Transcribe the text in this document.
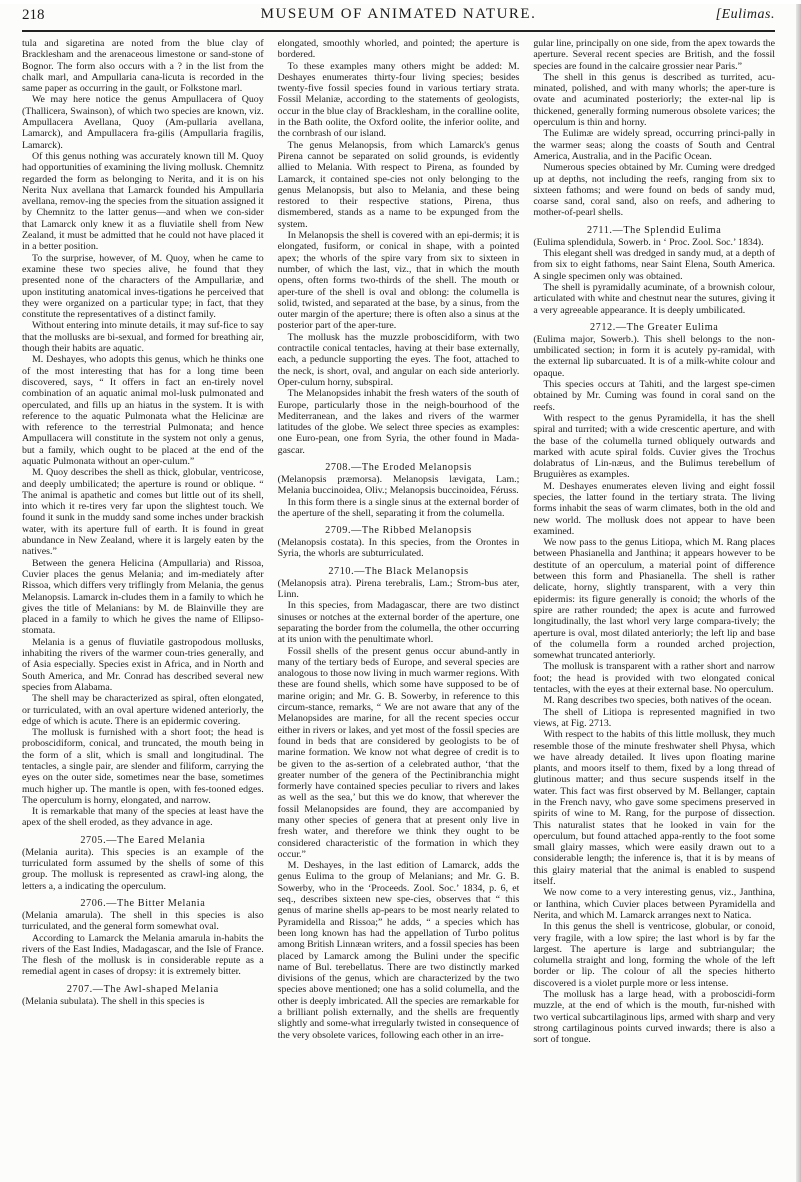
218	MUSEUM OF ANIMATED NATURE.	[Eulimas.

tula and sigaretina are noted from the blue clay of Bracklesham and the arenaceous limestone or sand-stone of Bognor. The form also occurs with a ? in the list from the chalk marl, and Ampullaria cana-licuta is recorded in the same paper as occurring in the gault, or Folkstone marl.

We may here notice the genus Ampullacera of Quoy (Thallicera, Swainson), of which two species are known, viz. Ampullacera Avellana, Quoy (Am-pullaria avellana, Lamarck), and Ampullacera fra-gilis (Ampullaria fragilis, Lamarck).

Of this genus nothing was accurately known till M. Quoy had opportunities of examining the living mollusk. Chemnitz regarded the form as belonging to Nerita, and it is on his Nerita Nux avellana that Lamarck founded his Ampullaria avellana, remov-ing the species from the situation assigned it by Chemnitz to the latter genus—and when we con-sider that Lamarck only knew it as a fluviatile shell from New Zealand, it must be admitted that he could not have placed it in a better position.

To the surprise, however, of M. Quoy, when he came to examine these two species alive, he found that they presented none of the characters of the Ampullariæ, and upon instituting anatomical inves-tigations he perceived that they were organized on a particular type; in fact, that they constitute the representatives of a distinct family.

Without entering into minute details, it may suf-fice to say that the mollusks are bi-sexual, and formed for breathing air, though their habits are aquatic.

M. Deshayes, who adopts this genus, which he thinks one of the most interesting that has for a long time been discovered, says, “ It offers in fact an en-tirely novel combination of an aquatic animal mol-lusk pulmonated and operculated, and fills up an hiatus in the system. It is with reference to the aquatic Pulmonata what the Helicinæ are with reference to the terrestrial Pulmonata; and hence Ampullacera will constitute in the system not only a genus, but a family, which ought to be placed at the end of the aquatic Pulmonata without an oper-culum.”

M. Quoy describes the shell as thick, globular, ventricose, and deeply umbilicated; the aperture is round or oblique. “ The animal is apathetic and comes but little out of its shell, into which it re-tires very far upon the slightest touch. We found it sunk in the muddy sand some inches under brackish water, with its aperture full of earth. It is found in great abundance in New Zealand, where it is largely eaten by the natives.”

Between the genera Helicina (Ampullaria) and Rissoa, Cuvier places the genus Melania; and im-mediately after Rissoa, which differs very triflingly from Melania, the genus Melanopsis. Lamarck in-cludes them in a family to which he gives the title of Melanians: by M. de Blainville they are placed in a family to which he gives the name of Ellipso-stomata.

Melania is a genus of fluviatile gastropodous mollusks, inhabiting the rivers of the warmer coun-tries generally, and of Asia especially. Species exist in Africa, and in North and South America, and Mr. Conrad has described several new species from Alabama.

The shell may be characterized as spiral, often elongated, or turriculated, with an oval aperture widened anteriorly, the edge of which is acute. There is an epidermic covering.

The mollusk is furnished with a short foot; the head is proboscidiform, conical, and truncated, the mouth being in the form of a slit, which is small and longitudinal. The tentacles, a single pair, are slender and filiform, carrying the eyes on the outer side, sometimes near the base, sometimes much higher up. The mantle is open, with fes-tooned edges. The operculum is horny, elongated, and narrow.

It is remarkable that many of the species at least have the apex of the shell eroded, as they advance in age.

2705.—The Eared Melania

(Melania aurita). This species is an example of the turriculated form assumed by the shells of some of this group. The mollusk is represented as crawl-ing along, the letters a, a indicating the operculum.

2706.—The Bitter Melania

(Melania amarula). The shell in this species is also turriculated, and the general form somewhat oval.

According to Lamarck the Melania amarula in-habits the rivers of the East Indies, Madagascar, and the Isle of France. The flesh of the mollusk is in considerable repute as a remedial agent in cases of dropsy: it is extremely bitter.

2707.—The Awl-shaped Melania

(Melania subulata). The shell in this species is

elongated, smoothly whorled, and pointed; the aperture is bordered.

To these examples many others might be added: M. Deshayes enumerates thirty-four living species; besides twenty-five fossil species found in various tertiary strata. Fossil Melaniæ, according to the statements of geologists, occur in the blue clay of Bracklesham, in the coralline oolite, in the Bath oolite, the Oxford oolite, the inferior oolite, and the cornbrash of our island.

The genus Melanopsis, from which Lamarck's genus Pirena cannot be separated on solid grounds, is evidently allied to Melania. With respect to Pirena, as founded by Lamarck, it contained spe-cies not only belonging to the genus Melanopsis, but also to Melania, and these being restored to their respective stations, Pirena, thus dismembered, stands as a name to be expunged from the system.

In Melanopsis the shell is covered with an epi-dermis; it is elongated, fusiform, or conical in shape, with a pointed apex; the whorls of the spire vary from six to sixteen in number, of which the last, viz., that in which the mouth opens, often forms two-thirds of the shell. The mouth or aper-ture of the shell is oval and oblong: the columella is solid, twisted, and separated at the base, by a sinus, from the outer margin of the aperture; there is often also a sinus at the posterior part of the aper-ture.

The mollusk has the muzzle proboscidiform, with two contractile conical tentacles, having at their base externally, each, a peduncle supporting the eyes. The foot, attached to the neck, is short, oval, and angular on each side anteriorly. Oper-culum horny, subspiral.

The Melanopsides inhabit the fresh waters of the south of Europe, particularly those in the neigh-bourhood of the Mediterranean, and the lakes and rivers of the warmer latitudes of the globe. We select three species as examples: one Euro-pean, one from Syria, the other found in Mada-gascar.

2708.—The Eroded Melanopsis

(Melanopsis præmorsa). Melanopsis lævigata, Lam.; Melania buccinoidea, Oliv.; Melanopsis buccinoidea, Féruss.

In this form there is a single sinus at the external border of the aperture of the shell, separating it from the columella.

2709.—The Ribbed Melanopsis

(Melanopsis costata). In this species, from the Orontes in Syria, the whorls are subturriculated.

2710.—The Black Melanopsis

(Melanopsis atra). Pirena terebralis, Lam.; Strom-bus ater, Linn.

In this species, from Madagascar, there are two distinct sinuses or notches at the external border of the aperture, one separating the border from the columella, the other occurring at its union with the penultimate whorl.

Fossil shells of the present genus occur abund-antly in many of the tertiary beds of Europe, and several species are analogous to those now living in much warmer regions. With these are found shells, which some have supposed to be of marine origin; and Mr. G. B. Sowerby, in reference to this circum-stance, remarks, “ We are not aware that any of the Melanopsides are marine, for all the recent species occur either in rivers or lakes, and yet most of the fossil species are found in beds that are considered by geologists to be of marine formation. We know not what degree of credit is to be given to the as-sertion of a celebrated author, ‘that the greater number of the genera of the Pectinibranchia might formerly have contained species peculiar to rivers and lakes as well as the sea,’ but this we do know, that wherever the fossil Melanopsides are found, they are accompanied by many other species of genera that at present only live in fresh water, and therefore we think they ought to be considered characteristic of the formation in which they occur.”

M. Deshayes, in the last edition of Lamarck, adds the genus Eulima to the group of Melanians; and Mr. G. B. Sowerby, who in the ‘Proceeds. Zool. Soc.’ 1834, p. 6, et seq., describes sixteen new spe-cies, observes that “ this genus of marine shells ap-pears to be most nearly related to Pyramidella and Rissoa;” he adds, “ a species which has been long known has had the appellation of Turbo politus among British Linnæan writers, and a fossil species has been placed by Lamarck among the Bulini under the specific name of Bul. terebellatus. There are two distinctly marked divisions of the genus, which are characterized by the two species above mentioned; one has a solid columella, and the other is deeply imbricated. All the species are remarkable for a brilliant polish externally, and the shells are frequently slightly and some-what irregularly twisted in consequence of the very obsolete varices, following each other in an irre-

gular line, principally on one side, from the apex towards the aperture. Several recent species are British, and the fossil species are found in the calcaire grossier near Paris.”

The shell in this genus is described as turrited, acu-minated, polished, and with many whorls; the aper-ture is ovate and acuminated posteriorly; the exter-nal lip is thickened, generally forming numerous obsolete varices; the operculum is thin and horny.

The Eulimæ are widely spread, occurring princi-pally in the warmer seas; along the coasts of South and Central America, Australia, and in the Pacific Ocean.

Numerous species obtained by Mr. Cuming were dredged up at depths, not including the reefs, ranging from six to sixteen fathoms; and were found on beds of sandy mud, coarse sand, coral sand, also on reefs, and adhering to mother-of-pearl shells.

2711.—The Splendid Eulima

(Eulima splendidula, Sowerb. in ‘ Proc. Zool. Soc.’ 1834).

This elegant shell was dredged in sandy mud, at a depth of from six to eight fathoms, near Saint Elena, South America. A single specimen only was obtained.

The shell is pyramidally acuminate, of a brownish colour, articulated with white and chestnut near the sutures, giving it a very agreeable appearance. It is deeply umbilicated.

2712.—The Greater Eulima

(Eulima major, Sowerb.). This shell belongs to the non-umbilicated section; in form it is acutely py-ramidal, with the external lip subarcuated. It is of a milk-white colour and opaque.

This species occurs at Tahiti, and the largest spe-cimen obtained by Mr. Cuming was found in coral sand on the reefs.

With respect to the genus Pyramidella, it has the shell spiral and turrited; with a wide crescentic aperture, and with the base of the columella turned obliquely outwards and marked with acute spiral folds. Cuvier gives the Trochus dolabratus of Lin-næus, and the Bulimus terebellum of Bruguières as examples.

M. Deshayes enumerates eleven living and eight fossil species, the latter found in the tertiary strata. The living forms inhabit the seas of warm climates, both in the old and new world. The mollusk does not appear to have been examined.

We now pass to the genus Litiopa, which M. Rang places between Phasianella and Janthina; it appears however to be destitute of an operculum, a material point of difference between this form and Phasianella. The shell is rather delicate, horny, slightly transparent, with a very thin epidermis: its figure generally is conoid; the whorls of the spire are rather rounded; the apex is acute and furrowed longitudinally, the last whorl very large compara-tively; the aperture is oval, most dilated anteriorly; the left lip and base of the columella form a rounded arched projection, somewhat truncated anteriorly.

The mollusk is transparent with a rather short and narrow foot; the head is provided with two elongated conical tentacles, with the eyes at their external base. No operculum.

M. Rang describes two species, both natives of the ocean.

The shell of Litiopa is represented magnified in two views, at Fig. 2713.

With respect to the habits of this little mollusk, they much resemble those of the minute freshwater shell Physa, which we have already detailed. It lives upon floating marine plants, and moors itself to them, fixed by a long thread of glutinous matter; and thus secure suspends itself in the water. This fact was first observed by M. Bellanger, captain in the French navy, who gave some specimens preserved in spirits of wine to M. Rang, for the purpose of dissection. This naturalist states that he looked in vain for the operculum, but found attached appa-rently to the foot some small glairy masses, which were easily drawn out to a considerable length; the inference is, that it is by means of this glairy material that the animal is enabled to suspend itself.

We now come to a very interesting genus, viz., Janthina, or Ianthina, which Cuvier places between Pyramidella and Nerita, and which M. Lamarck arranges next to Natica.

In this genus the shell is ventricose, globular, or conoid, very fragile, with a low spire; the last whorl is by far the largest. The aperture is large and subtriangular; the columella straight and long, forming the whole of the left border or lip. The colour of all the species hitherto discovered is a violet purple more or less intense.

The mollusk has a large head, with a proboscidi-form muzzle, at the end of which is the mouth, fur-nished with two vertical subcartilaginous lips, armed with sharp and very strong cartilaginous points curved inwards; there is also a sort of tongue.
